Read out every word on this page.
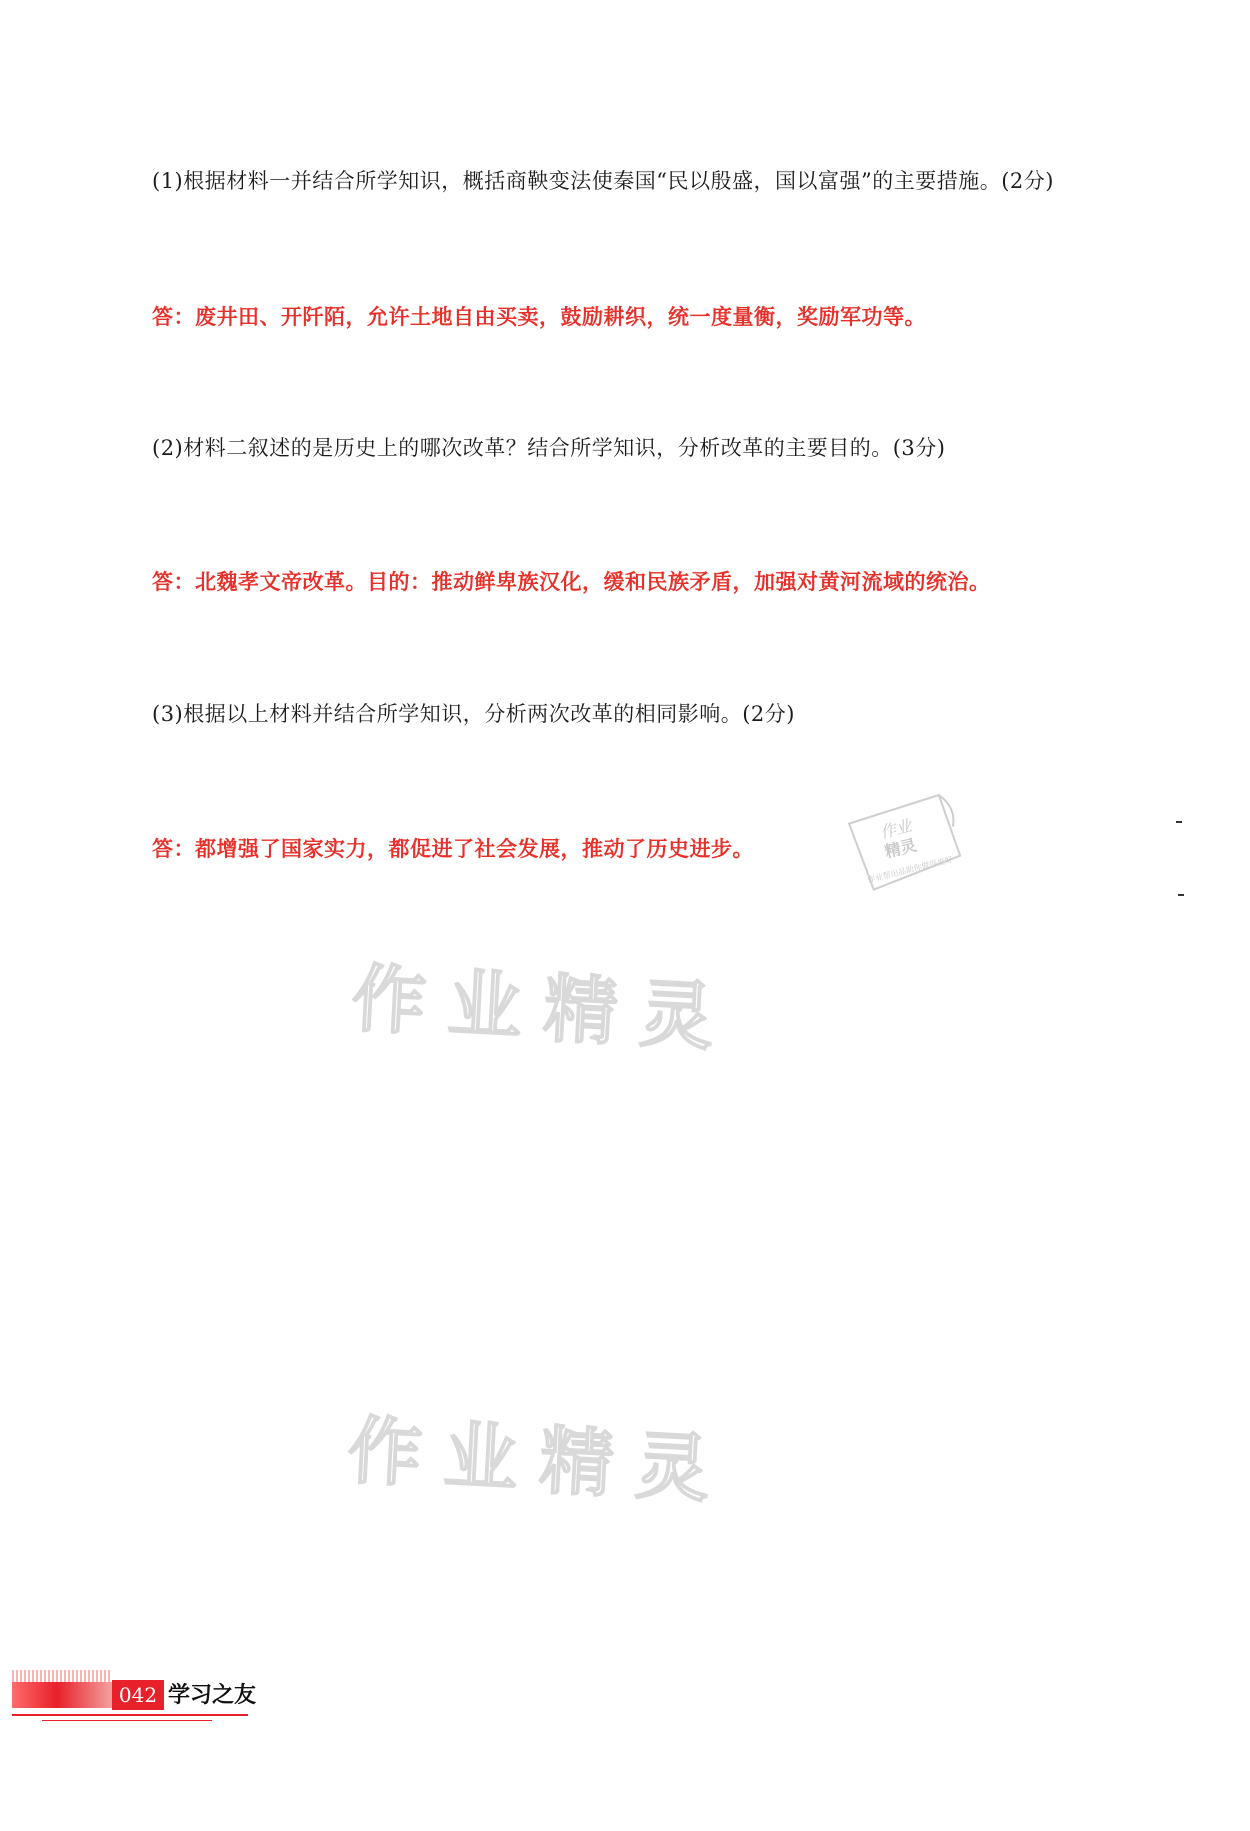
(1)根据材料一并结合所学知识，概括商鞅变法使秦国“民以殷盛，国以富强”的主要措施。(2分)
答：废井田、开阡陌，允许土地自由买卖，鼓励耕织，统一度量衡，奖励军功等。
(2)材料二叙述的是历史上的哪次改革？结合所学知识，分析改革的主要目的。(3分)
答：北魏孝文帝改革。目的：推动鲜卑族汉化，缓和民族矛盾，加强对黄河流域的统治。
(3)根据以上材料并结合所学知识，分析两次改革的相同影响。(2分)
答：都增强了国家实力，都促进了社会发展，推动了历史进步。
作业
精灵
作业帮出品助你做得更好
作业精灵
作业精灵
042 学习之友
